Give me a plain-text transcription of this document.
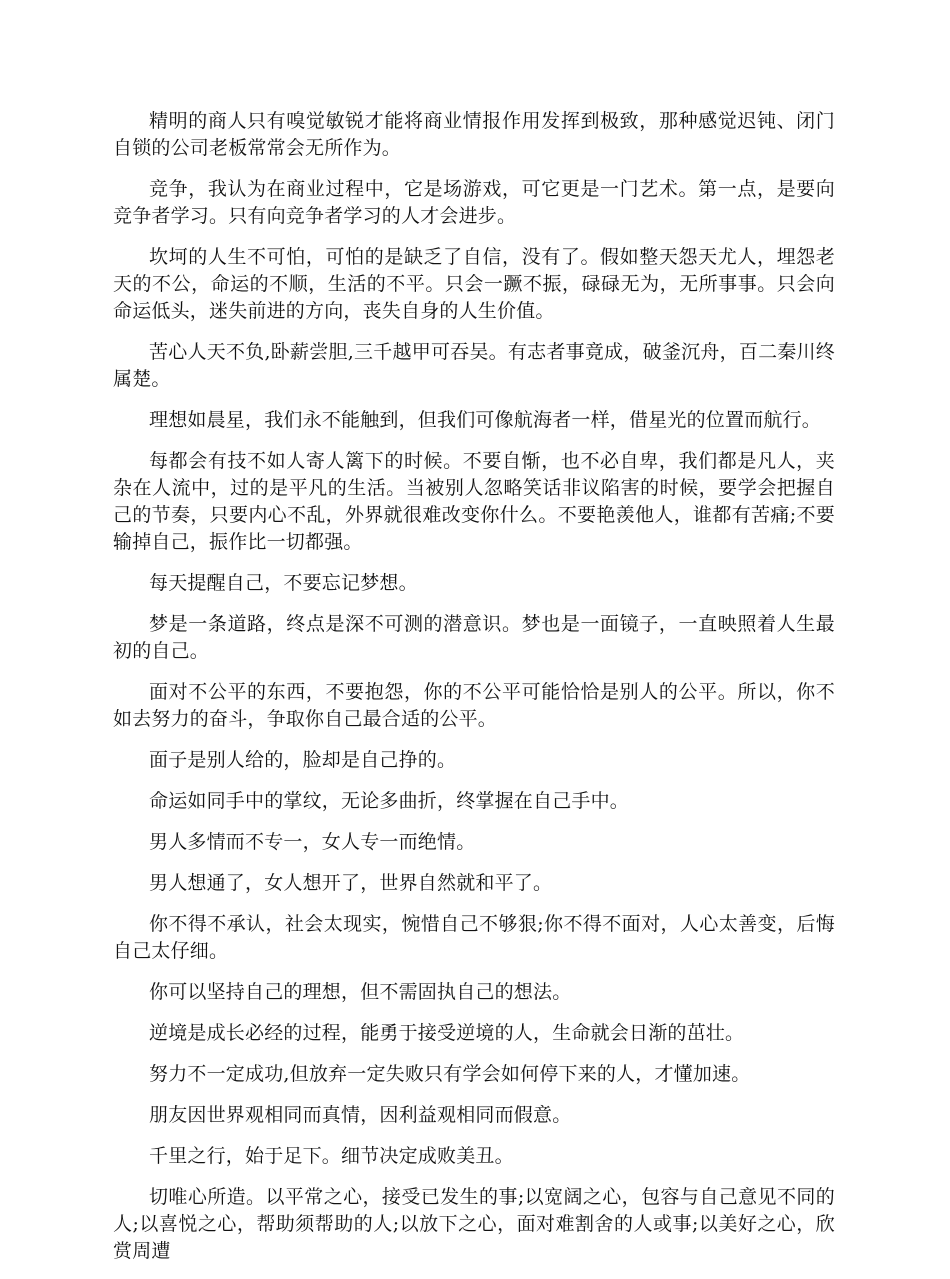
精明的商人只有嗅觉敏锐才能将商业情报作用发挥到极致，那种感觉迟钝、闭门自锁的公司老板常常会无所作为。

竞争，我认为在商业过程中，它是场游戏，可它更是一门艺术。第一点，是要向竞争者学习。只有向竞争者学习的人才会进步。

坎坷的人生不可怕，可怕的是缺乏了自信，没有了。假如整天怨天尤人，埋怨老天的不公，命运的不顺，生活的不平。只会一蹶不振，碌碌无为，无所事事。只会向命运低头，迷失前进的方向，丧失自身的人生价值。

苦心人天不负,卧薪尝胆,三千越甲可吞吴。有志者事竟成，破釜沉舟，百二秦川终属楚。

理想如晨星，我们永不能触到，但我们可像航海者一样，借星光的位置而航行。

每都会有技不如人寄人篱下的时候。不要自惭，也不必自卑，我们都是凡人，夹杂在人流中，过的是平凡的生活。当被别人忽略笑话非议陷害的时候，要学会把握自己的节奏，只要内心不乱，外界就很难改变你什么。不要艳羡他人，谁都有苦痛;不要输掉自己，振作比一切都强。

每天提醒自己，不要忘记梦想。

梦是一条道路，终点是深不可测的潜意识。梦也是一面镜子，一直映照着人生最初的自己。

面对不公平的东西，不要抱怨，你的不公平可能恰恰是别人的公平。所以，你不如去努力的奋斗，争取你自己最合适的公平。

面子是别人给的，脸却是自己挣的。

命运如同手中的掌纹，无论多曲折，终掌握在自己手中。

男人多情而不专一，女人专一而绝情。

男人想通了，女人想开了，世界自然就和平了。

你不得不承认，社会太现实，惋惜自己不够狠;你不得不面对，人心太善变，后悔自己太仔细。

你可以坚持自己的理想，但不需固执自己的想法。

逆境是成长必经的过程，能勇于接受逆境的人，生命就会日渐的茁壮。

努力不一定成功,但放弃一定失败只有学会如何停下来的人，才懂加速。

朋友因世界观相同而真情，因利益观相同而假意。

千里之行，始于足下。细节决定成败美丑。

切唯心所造。以平常之心，接受已发生的事;以宽阔之心，包容与自己意见不同的人;以喜悦之心，帮助须帮助的人;以放下之心，面对难割舍的人或事;以美好之心，欣赏周遭
